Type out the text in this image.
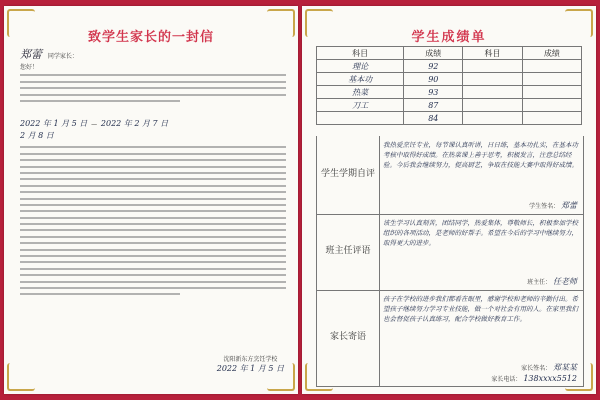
致学生家长的一封信
郑蕾 同学家长：
您好！
2022 年 1 月 5 日  —  2022 年 2 月 7 日
2 月 8 日
沈阳新东方烹饪学校
2022 年 1 月 5 日
学生成绩单
科目	成绩	科目	成绩
理论	92		
基本功	90		
热菜	93		
刀工	87		
	84		
学生学期自评
我热爱烹饪专业，每节课认真听讲，日日练，基本功扎实，在基本功考核中取得好成绩。在热菜课上善于思考，积极发言，注意总结经验。今后我会继续努力，提高厨艺，争取在技能大赛中取得好成绩。
学生签名： 郑蕾
班主任评语
该生学习认真刻苦，团结同学，热爱集体，尊敬师长，积极参加学校组织的各项活动，是老师的好帮手。希望在今后的学习中继续努力，取得更大的进步。
班主任： 任老师
家长寄语
孩子在学校的进步我们都看在眼里，感谢学校和老师的辛勤付出。希望孩子继续努力学习专业技能，做一个对社会有用的人。在家里我们也会督促孩子认真练习，配合学校做好教育工作。
家长签名： 郑某某
家长电话： 138xxxx5512
